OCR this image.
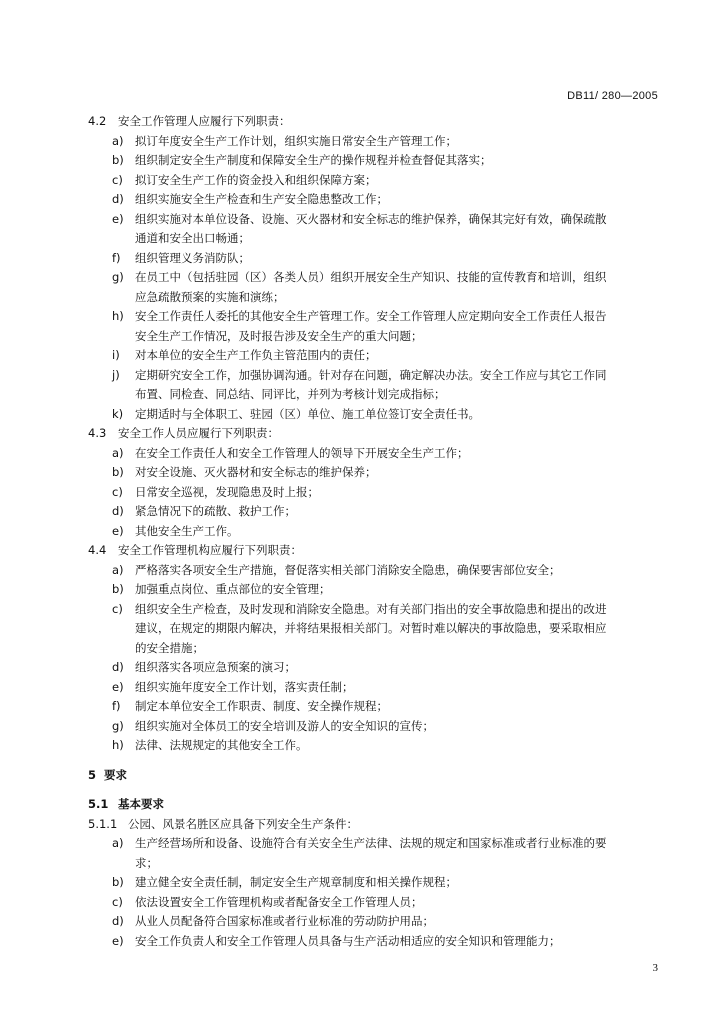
DB11/ 280—2005
4.2 安全工作管理人应履行下列职责：
a) 拟订年度安全生产工作计划，组织实施日常安全生产管理工作；
b) 组织制定安全生产制度和保障安全生产的操作规程并检查督促其落实；
c) 拟订安全生产工作的资金投入和组织保障方案；
d) 组织实施安全生产检查和生产安全隐患整改工作；
e) 组织实施对本单位设备、设施、灭火器材和安全标志的维护保养，确保其完好有效，确保疏散
通道和安全出口畅通；
f) 组织管理义务消防队；
g) 在员工中（包括驻园（区）各类人员）组织开展安全生产知识、技能的宣传教育和培训，组织
应急疏散预案的实施和演练；
h) 安全工作责任人委托的其他安全生产管理工作。安全工作管理人应定期向安全工作责任人报告
安全生产工作情况，及时报告涉及安全生产的重大问题；
i) 对本单位的安全生产工作负主管范围内的责任；
j) 定期研究安全工作，加强协调沟通。针对存在问题，确定解决办法。安全工作应与其它工作同
布置、同检查、同总结、同评比，并列为考核计划完成指标；
k) 定期适时与全体职工、驻园（区）单位、施工单位签订安全责任书。
4.3 安全工作人员应履行下列职责：
a) 在安全工作责任人和安全工作管理人的领导下开展安全生产工作；
b) 对安全设施、灭火器材和安全标志的维护保养；
c) 日常安全巡视，发现隐患及时上报；
d) 紧急情况下的疏散、救护工作；
e) 其他安全生产工作。
4.4 安全工作管理机构应履行下列职责：
a) 严格落实各项安全生产措施，督促落实相关部门消除安全隐患，确保要害部位安全；
b) 加强重点岗位、重点部位的安全管理；
c) 组织安全生产检查，及时发现和消除安全隐患。对有关部门指出的安全事故隐患和提出的改进
建议，在规定的期限内解决，并将结果报相关部门。对暂时难以解决的事故隐患，要采取相应
的安全措施；
d) 组织落实各项应急预案的演习；
e) 组织实施年度安全工作计划，落实责任制；
f) 制定本单位安全工作职责、制度、安全操作规程；
g) 组织实施对全体员工的安全培训及游人的安全知识的宣传；
h) 法律、法规规定的其他安全工作。
5 要求
5.1 基本要求
5.1.1 公园、风景名胜区应具备下列安全生产条件：
a) 生产经营场所和设备、设施符合有关安全生产法律、法规的规定和国家标准或者行业标准的要
求；
b) 建立健全安全责任制，制定安全生产规章制度和相关操作规程；
c) 依法设置安全工作管理机构或者配备安全工作管理人员；
d) 从业人员配备符合国家标准或者行业标准的劳动防护用品；
e) 安全工作负责人和安全工作管理人员具备与生产活动相适应的安全知识和管理能力；
3
